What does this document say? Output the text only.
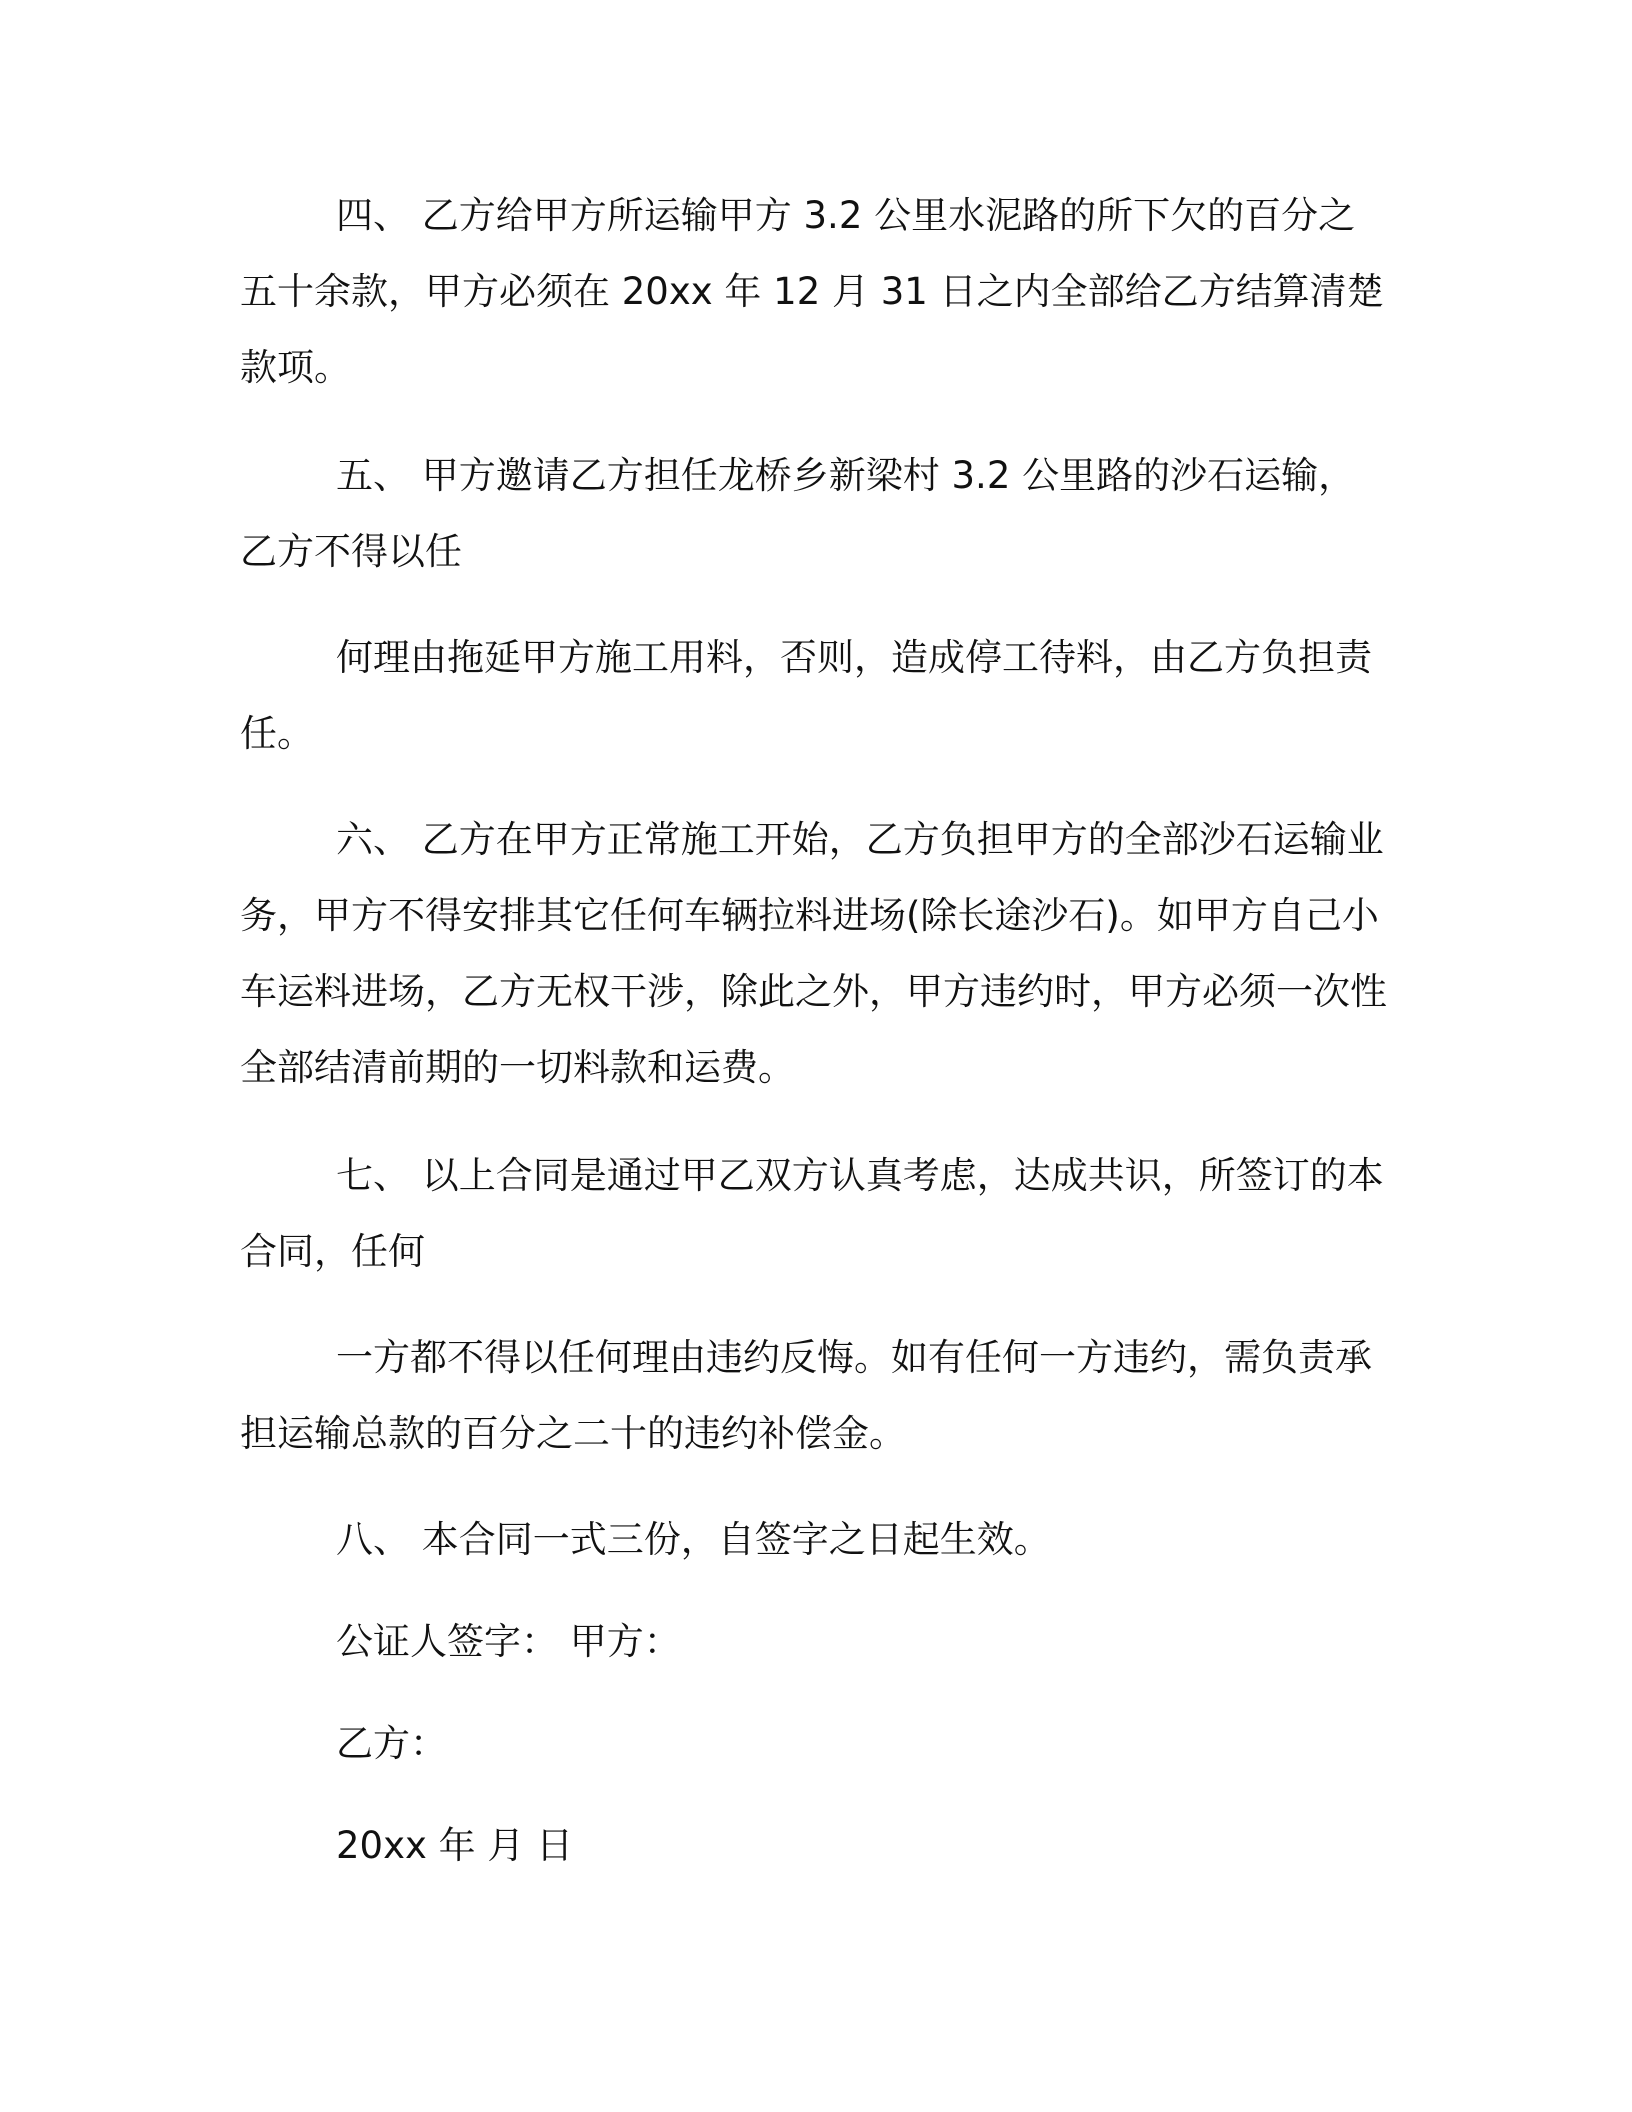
四、 乙方给甲方所运输甲方 3.2 公里水泥路的所下欠的百分之五十余款，甲方必须在 20xx 年 12 月 31 日之内全部给乙方结算清楚款项。

五、 甲方邀请乙方担任龙桥乡新梁村 3.2 公里路的沙石运输，乙方不得以任

何理由拖延甲方施工用料，否则，造成停工待料，由乙方负担责任。

六、 乙方在甲方正常施工开始，乙方负担甲方的全部沙石运输业务，甲方不得安排其它任何车辆拉料进场(除长途沙石)。如甲方自己小车运料进场，乙方无权干涉，除此之外，甲方违约时，甲方必须一次性全部结清前期的一切料款和运费。

七、 以上合同是通过甲乙双方认真考虑，达成共识，所签订的本合同，任何

一方都不得以任何理由违约反悔。如有任何一方违约，需负责承担运输总款的百分之二十的违约补偿金。

八、 本合同一式三份，自签字之日起生效。

公证人签字： 甲方：

乙方：

20xx 年 月 日
